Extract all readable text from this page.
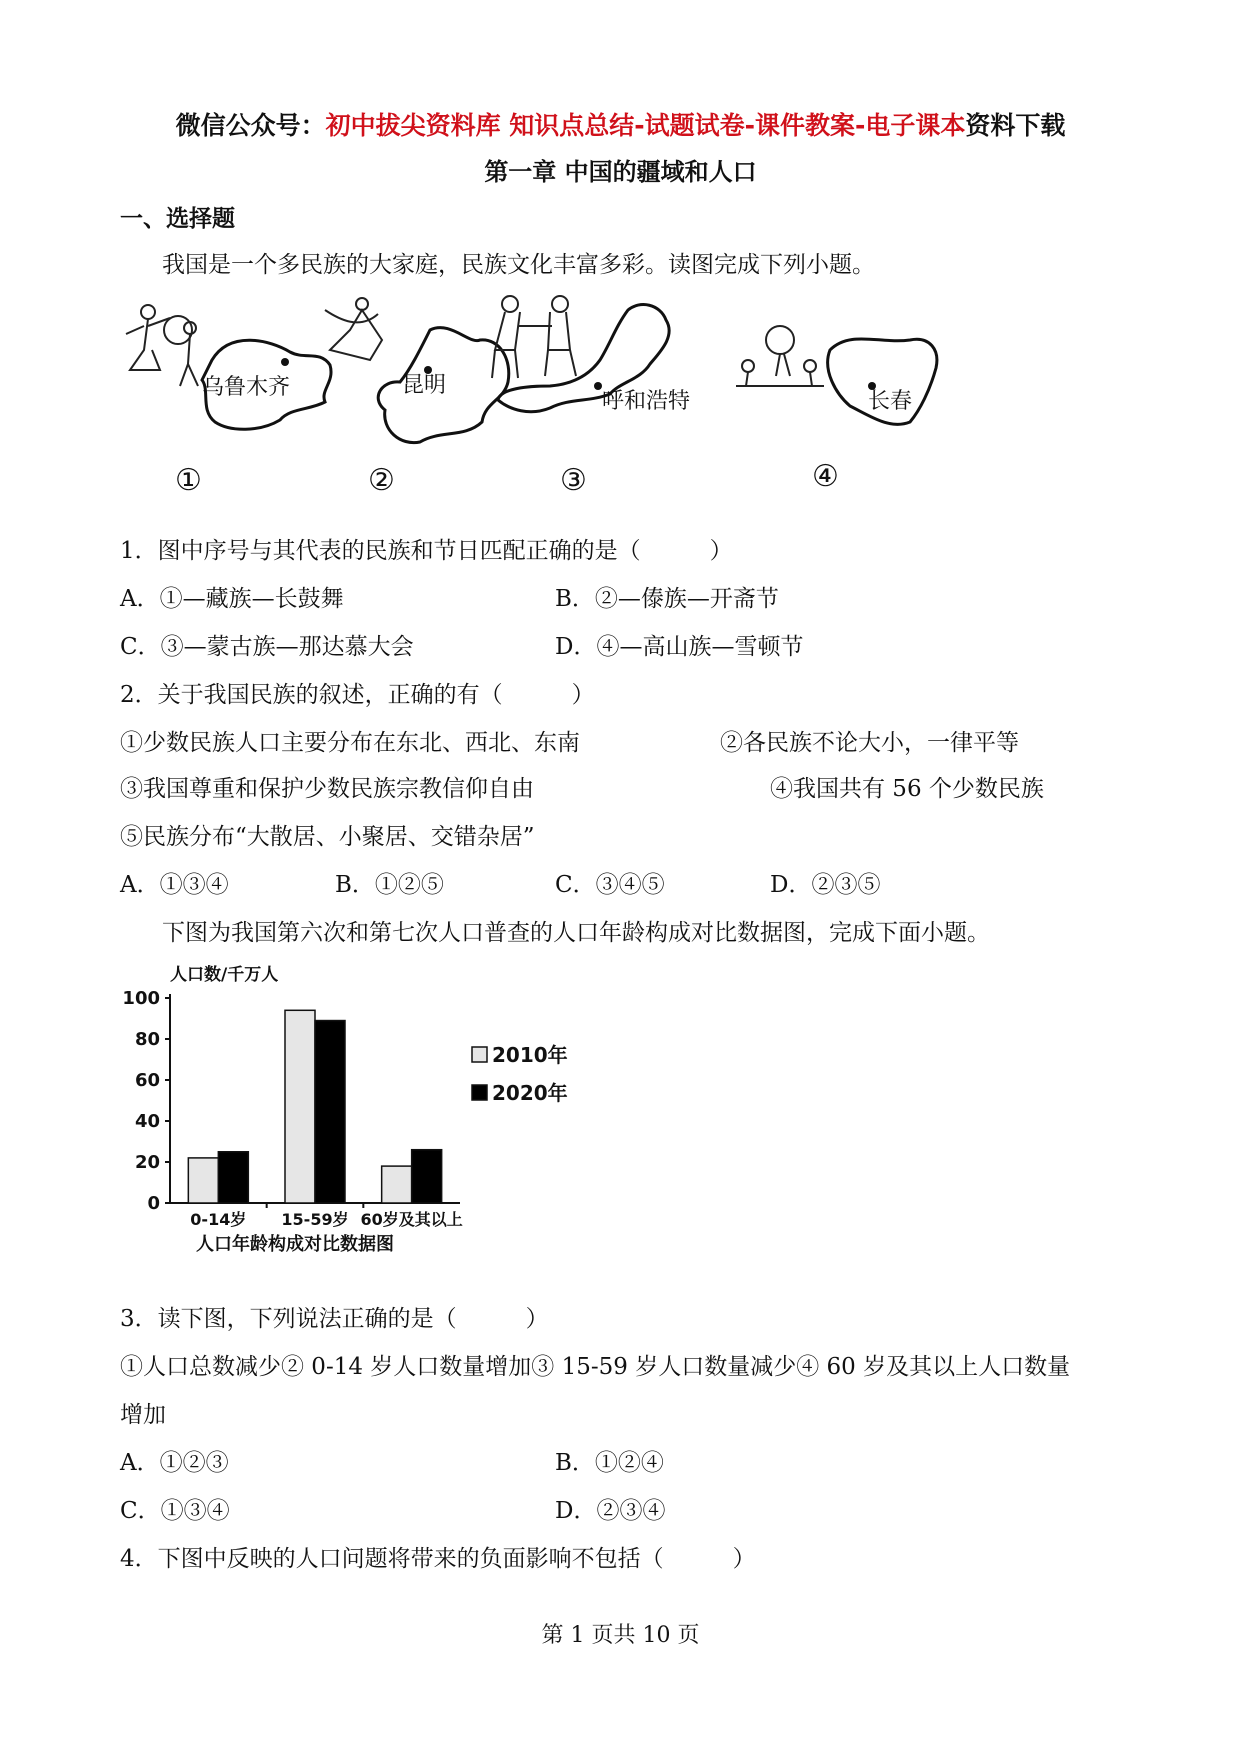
微信公众号：初中拔尖资料库 知识点总结-试题试卷-课件教案-电子课本资料下载
第一章 中国的疆域和人口
一、选择题
我国是一个多民族的大家庭，民族文化丰富多彩。读图完成下列小题。
乌鲁木齐
①
昆明
②
呼和浩特
③
长春
④
1．图中序号与其代表的民族和节日匹配正确的是（　　　）
A．①—藏族—长鼓舞	B．②—傣族—开斋节
C．③—蒙古族—那达慕大会	D．④—高山族—雪顿节
2．关于我国民族的叙述，正确的有（　　　）
①少数民族人口主要分布在东北、西北、东南	②各民族不论大小，一律平等
③我国尊重和保护少数民族宗教信仰自由	④我国共有 56 个少数民族
⑤民族分布“大散居、小聚居、交错杂居”
A．①③④	B．①②⑤	C．③④⑤	D．②③⑤
下图为我国第六次和第七次人口普查的人口年龄构成对比数据图，完成下面小题。
人口数/千万人
0
20
40
60
80
100
0-14岁 15-59岁 60岁及其以上
2010年
2020年
人口年龄构成对比数据图
3．读下图，下列说法正确的是（　　　）
①人口总数减少② 0-14 岁人口数量增加③ 15-59 岁人口数量减少④ 60 岁及其以上人口数量
增加
A．①②③	B．①②④
C．①③④	D．②③④
4．下图中反映的人口问题将带来的负面影响不包括（　　　）
第 1 页共 10 页
